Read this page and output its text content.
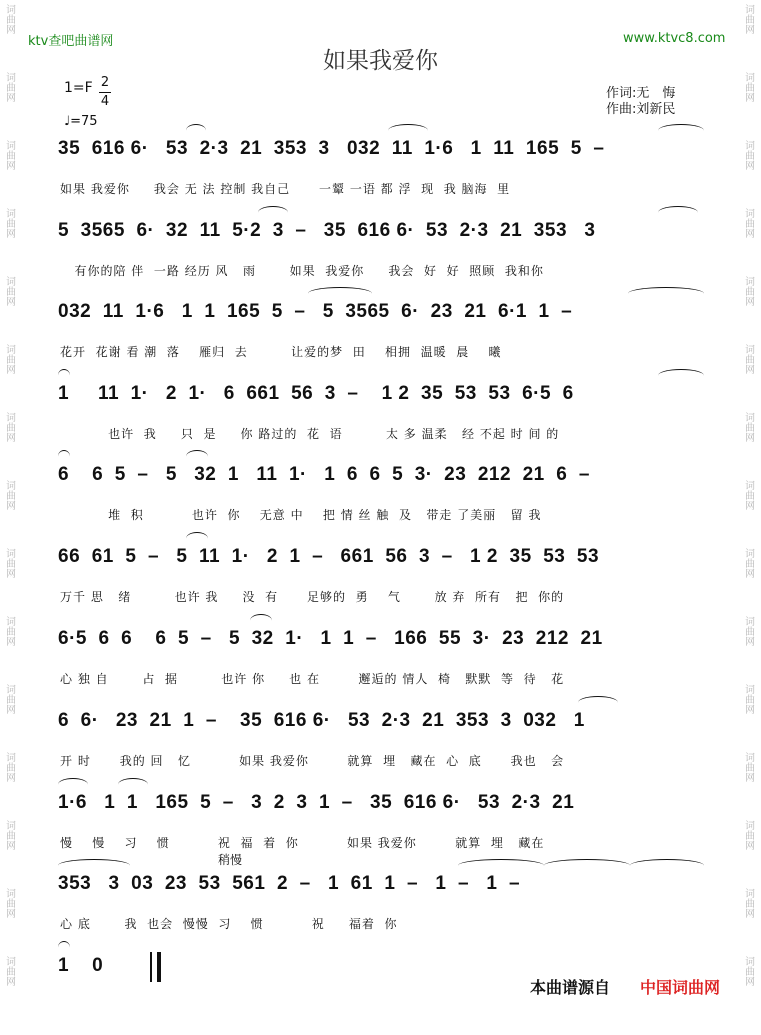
词曲网
词曲网
词曲网
词曲网
词曲网
词曲网
词曲网
词曲网
词曲网
词曲网
词曲网
词曲网
词曲网
词曲网
词曲网
词曲网
词曲网
词曲网
词曲网
词曲网
词曲网
词曲网
词曲网
词曲网
词曲网
词曲网
词曲网
词曲网
词曲网
词曲网
ktv查吧曲谱网	www.ktvc8.com
如果我爱你
1=F 2
4
♩=75
作词:无　悔
作曲:刘新民
35  616 6·   53  2·3  21  353  3   032  11  1·6   1  11  165  5  –
如果 我爱你     我会 无 法 控制 我自己      一颦 一语 都 浮  现  我 脑海  里
5  3565  6·  32  11  5·2  3  –   35  616 6·  53  2·3  21  353   3
有你的陪 伴  一路 经历 风   雨       如果  我爱你     我会  好  好  照顾  我和你
032  11  1·6   1  1  165  5  –   5  3565  6·  23  21  6·1  1  –
花开  花谢 看 潮  落    雁归  去         让爱的梦  田    相拥  温暖  晨    曦
1     11  1·   2  1·   6  661  56  3  –    1 2  35  53  53  6·5  6
也许  我     只  是     你 路过的  花  语         太 多 温柔   经 不起 时 间 的
6    6  5  –   5   32  1   11  1·   1  6  6  5  3·  23  212  21  6  –
堆  积          也许  你    无意 中    把 情 丝 触  及   带走 了美丽   留 我
66  61  5  –   5  11  1·   2  1  –   661  56  3  –   1 2  35  53  53
万千 思   绪         也许 我     没  有      足够的  勇    气       放 弃  所有   把  你的
6·5  6  6    6  5  –   5  32  1·   1  1  –   166  55  3·  23  212  21
心 独 自       占  据         也许 你     也 在        邂逅的 情人  椅   默默  等  待   花
6  6·   23  21  1  –    35  616 6·   53  2·3  21  353  3  032   1
开 时      我的 回   忆          如果 我爱你        就算  埋   藏在  心  底      我也   会
1·6   1  1   165  5  –   3  2  3  1  –   35  616 6·   53  2·3  21
慢    慢    习    惯          祝  福  着  你          如果 我爱你        就算  埋   藏在
稍慢
353   3  03  23  53  561  2  –   1  61  1  –   1  –   1  –
心 底       我  也会  慢慢  习    惯          祝     福着  你
1    0
本曲谱源自 中国词曲网
